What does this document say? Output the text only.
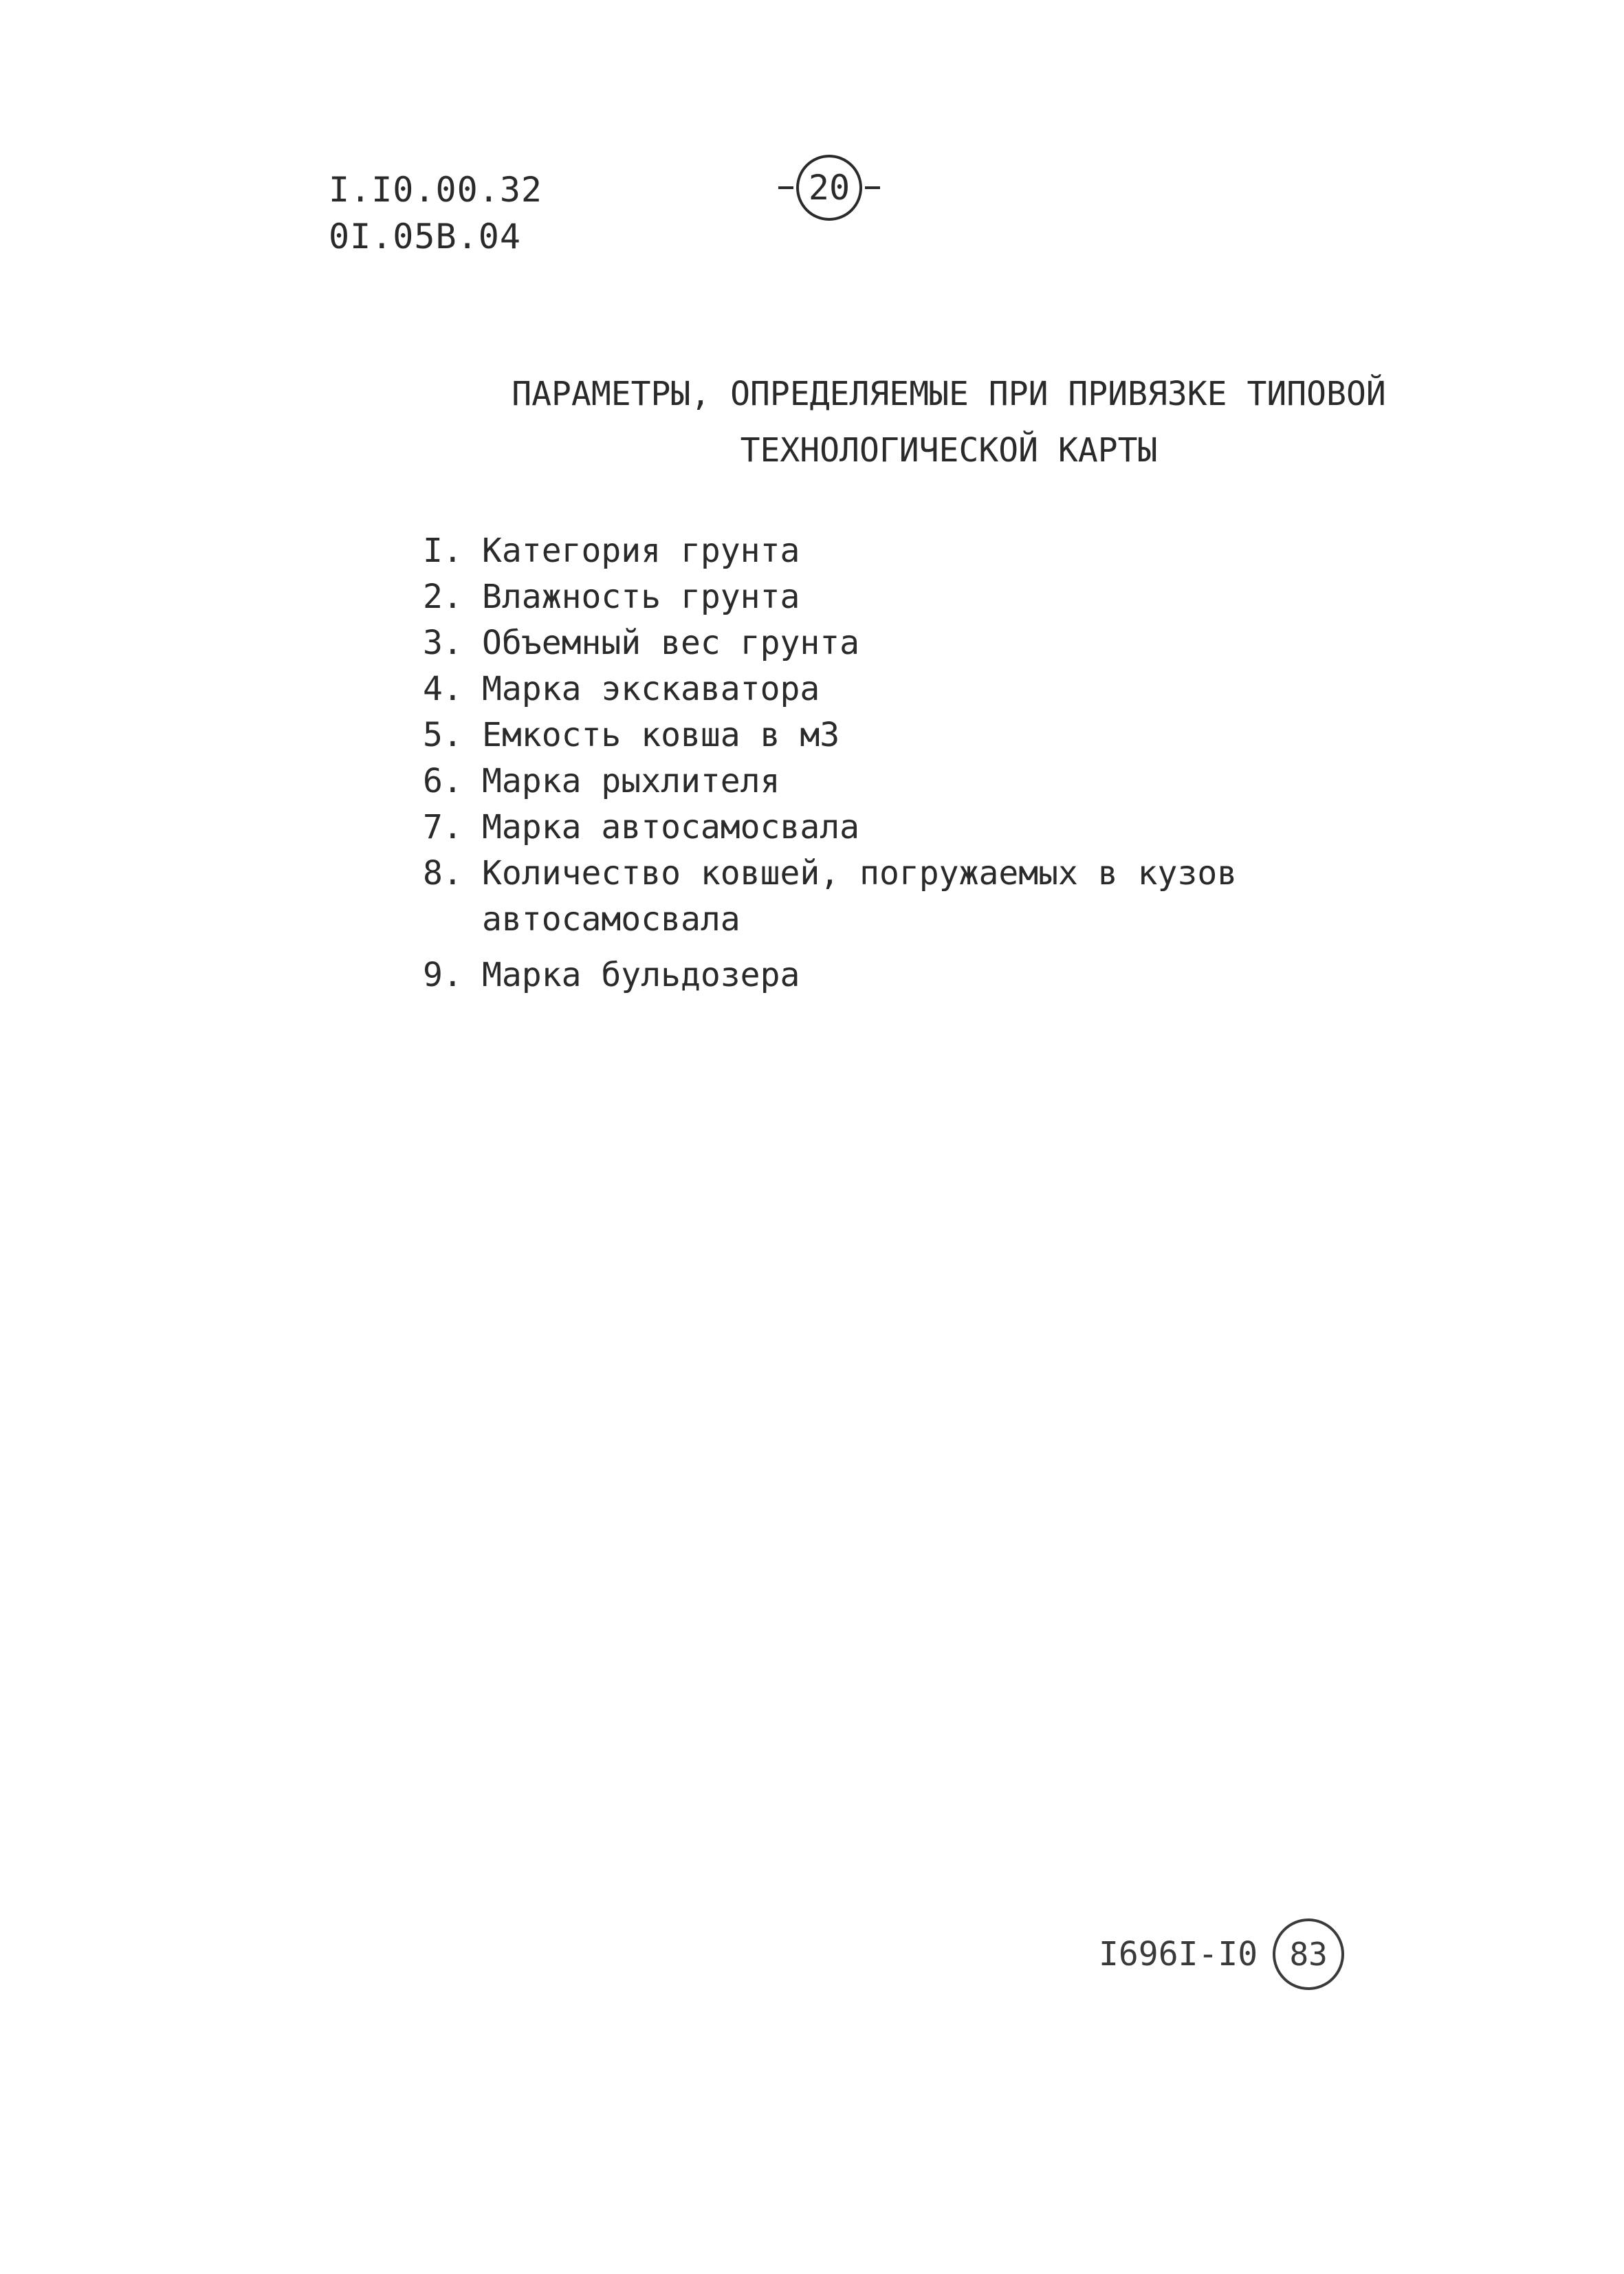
I.I0.00.32
0I.05B.04
20
ПАРАМЕТРЫ, ОПРЕДЕЛЯЕМЫЕ ПРИ ПРИВЯЗКЕ ТИПОВОЙ
ТЕХНОЛОГИЧЕСКОЙ КАРТЫ
I. Категория грунта
2. Влажность грунта
3. Объемный вес грунта
4. Марка экскаватора
5. Емкость ковша в м3
6. Марка рыхлителя
7. Марка автосамосвала
8. Количество ковшей, погружаемых в кузов
автосамосвала
9. Марка бульдозера
I696I-I0 83
